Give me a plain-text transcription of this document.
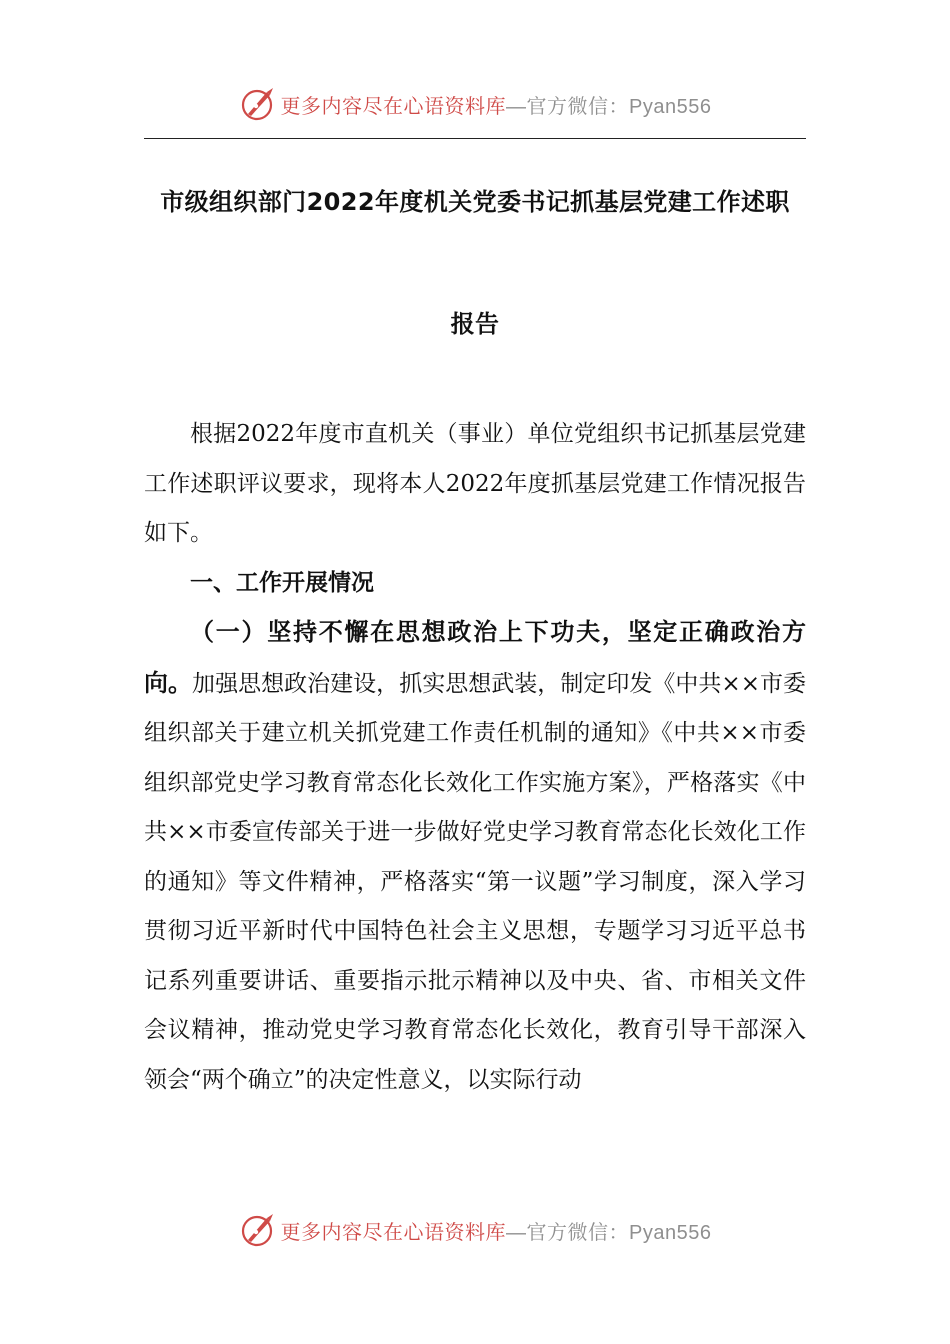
更多内容尽在心语资料库—官方微信：Pyan556
市级组织部门2022年度机关党委书记抓基层党建工作述职
报告

根据2022年度市直机关（事业）单位党组织书记抓基层党建工作述职评议要求，现将本人2022年度抓基层党建工作情况报告如下。

一、工作开展情况

（一）坚持不懈在思想政治上下功夫，坚定正确政治方向。加强思想政治建设，抓实思想武装，制定印发《中共××市委组织部关于建立机关抓党建工作责任机制的通知》《中共××市委组织部党史学习教育常态化长效化工作实施方案》，严格落实《中共××市委宣传部关于进一步做好党史学习教育常态化长效化工作的通知》等文件精神，严格落实“第一议题”学习制度，深入学习贯彻习近平新时代中国特色社会主义思想，专题学习习近平总书记系列重要讲话、重要指示批示精神以及中央、省、市相关文件会议精神，推动党史学习教育常态化长效化，教育引导干部深入领会“两个确立”的决定性意义，以实际行动

更多内容尽在心语资料库—官方微信：Pyan556
